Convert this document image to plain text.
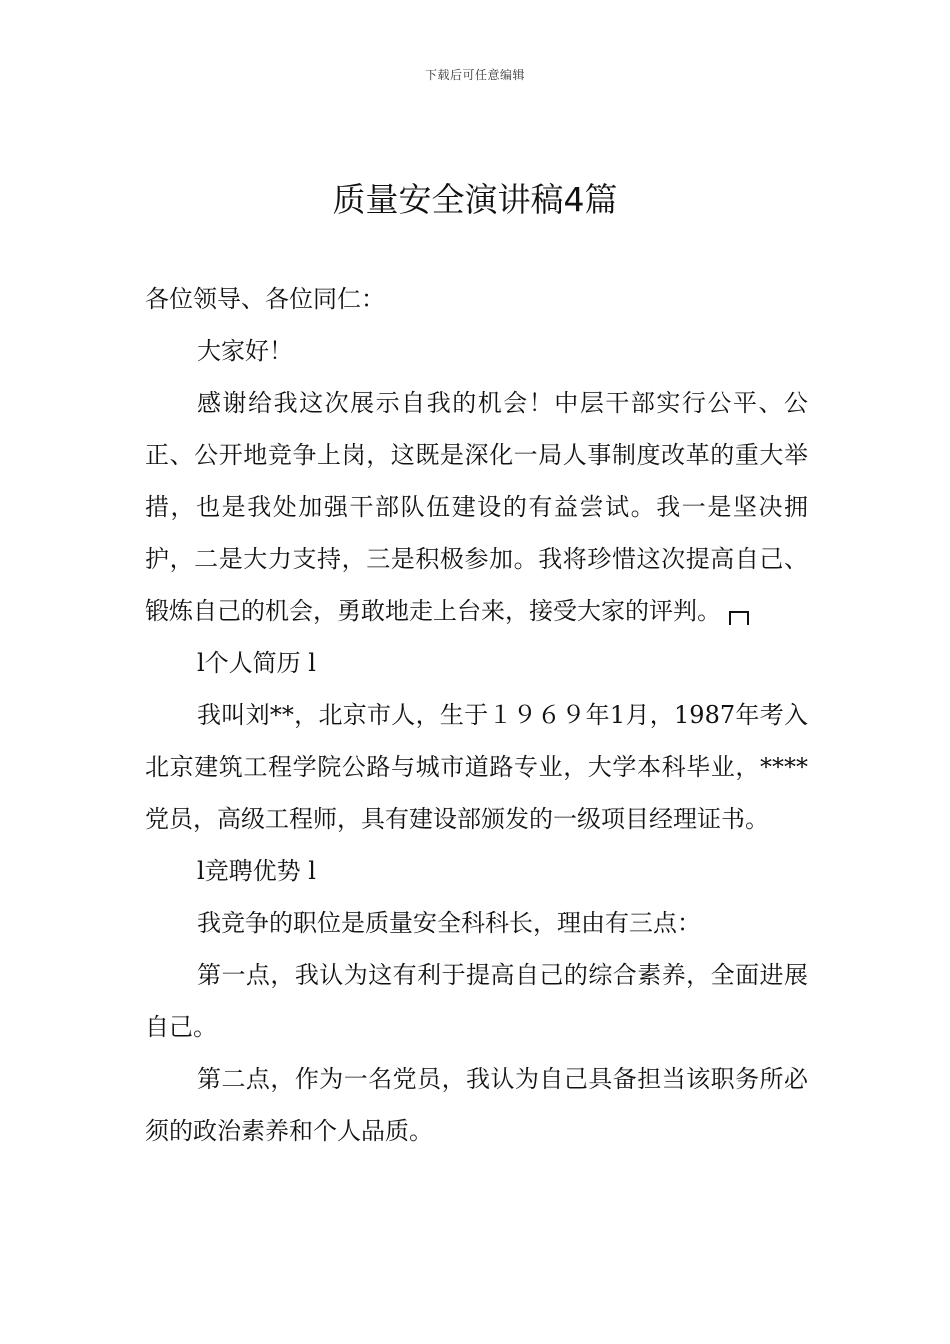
下载后可任意编辑
质量安全演讲稿4篇

各位领导、各位同仁：

大家好！

感谢给我这次展示自我的机会！中层干部实行公平、公正、公开地竞争上岗，这既是深化一局人事制度改革的重大举措，也是我处加强干部队伍建设的有益尝试。我一是坚决拥护，二是大力支持，三是积极参加。我将珍惜这次提高自己、锻炼自己的机会，勇敢地走上台来，接受大家的评判。

l个人简历 l

我叫刘**，北京市人，生于１９６９年1月，1987年考入北京建筑工程学院公路与城市道路专业，大学本科毕业，****党员，高级工程师，具有建设部颁发的一级项目经理证书。

l竞聘优势 l

我竞争的职位是质量安全科科长，理由有三点：

第一点，我认为这有利于提高自己的综合素养，全面进展自己。

第二点，作为一名党员，我认为自己具备担当该职务所必须的政治素养和个人品质。
